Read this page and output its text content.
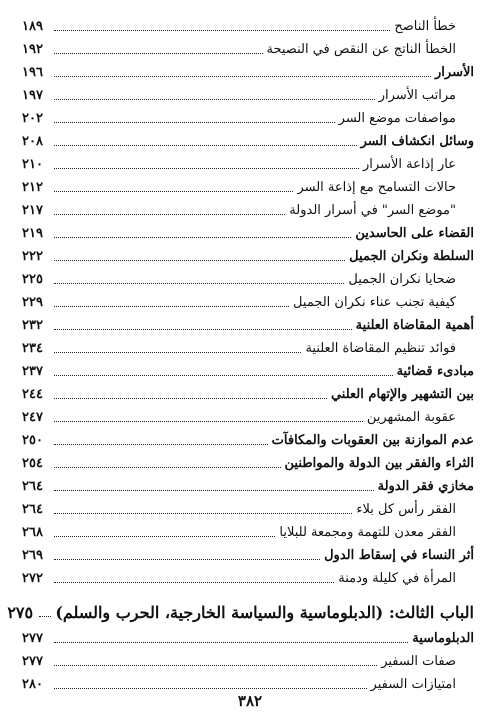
خطأ الناصح
١٨٩
الخطأ الناتج عن النقص في النصيحة
١٩٢
الأسرار
١٩٦
مراتب الأسرار
١٩٧
مواصفات موضع السر
٢٠٢
وسائل انكشاف السر
٢٠٨
عار إذاعة الأسرار
٢١٠
حالات التسامح مع إذاعة السر
٢١٢
"موضع السر" في أسرار الدولة
٢١٧
القضاء على الحاسدين
٢١٩
السلطة ونكران الجميل
٢٢٢
ضحايا نكران الجميل
٢٢٥
كيفية تجنب عناء نكران الجميل
٢٢٩
أهمية المقاضاة العلنية
٢٣٢
فوائد تنظيم المقاضاة العلنية
٢٣٤
مبادىء قضائية
٢٣٧
بين التشهير والإتهام العلني
٢٤٤
عقوبة المشهرين
٢٤٧
عدم الموازنة بين العقوبات والمكافآت
٢٥٠
الثراء والفقر بين الدولة والمواطنين
٢٥٤
مخازي فقر الدولة
٢٦٤
الفقر رأس كل بلاء
٢٦٤
الفقر معدن للتهمة ومجمعة للبلايا
٢٦٨
أثر النساء في إسقاط الدول
٢٦٩
المرأة في كليلة ودمنة
٢٧٢
الباب الثالث: (الدبلوماسية والسياسة الخارجية، الحرب والسلم)
٢٧٥
الدبلوماسية
٢٧٧
صفات السفير
٢٧٧
امتيازات السفير
٢٨٠
٣٨٢
